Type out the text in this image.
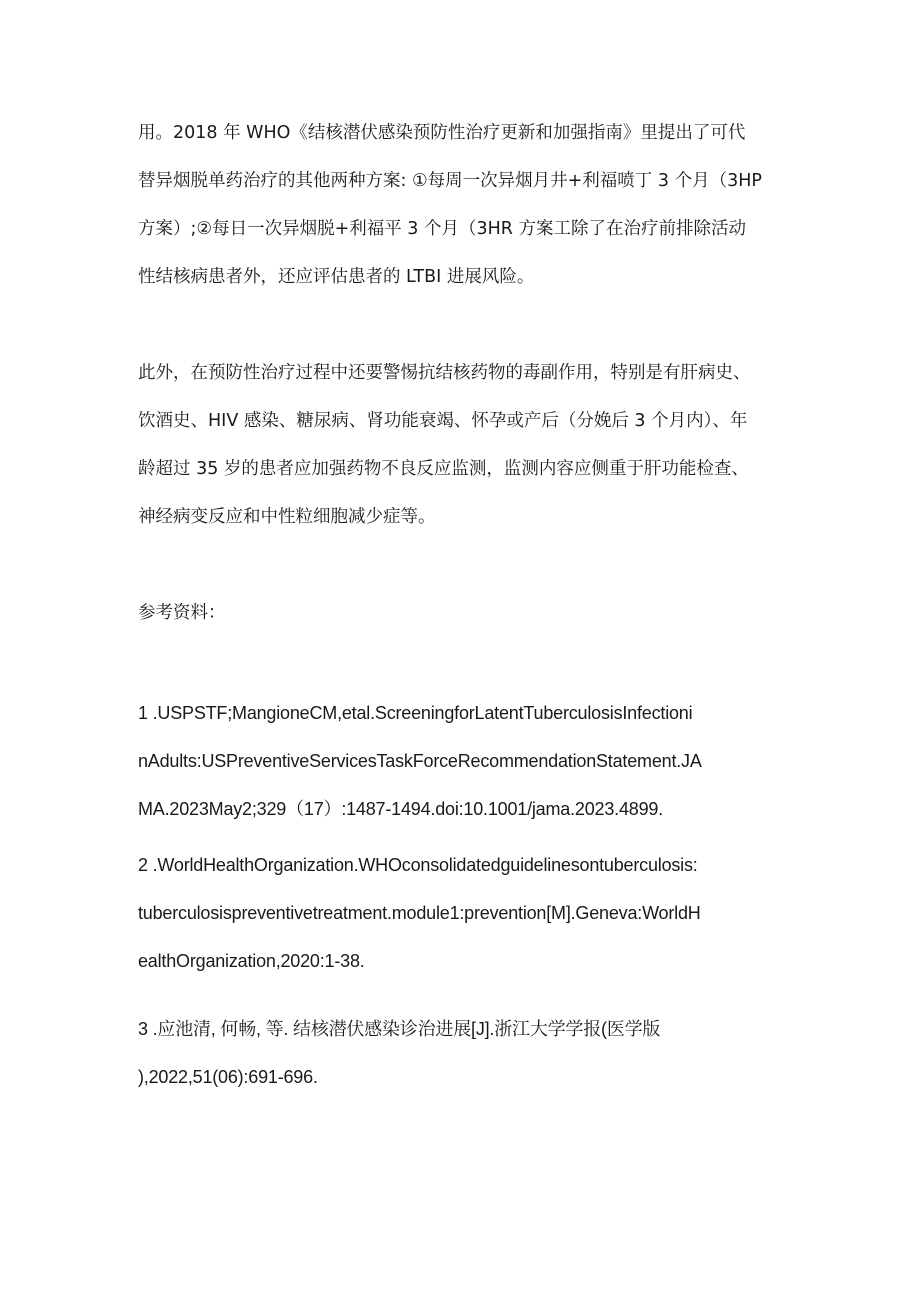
用。2018 年 WHO《结核潜伏感染预防性治疗更新和加强指南》里提出了可代
替异烟脱单药治疗的其他两种方案: ①每周一次异烟月井+利福喷丁 3 个月（3HP
方案）;②每日一次异烟脱+利福平 3 个月（3HR 方案工除了在治疗前排除活动
性结核病患者外，还应评估患者的 LTBI 进展风险。
此外，在预防性治疗过程中还要警惕抗结核药物的毒副作用，特别是有肝病史、
饮酒史、HIV 感染、糖尿病、肾功能衰竭、怀孕或产后（分娩后 3 个月内）、年
龄超过 35 岁的患者应加强药物不良反应监测，监测内容应侧重于肝功能检查、
神经病变反应和中性粒细胞减少症等。
参考资料：
1 .USPSTF;MangioneCM,etal.ScreeningforLatentTuberculosisInfectioni
nAdults:USPreventiveServicesTaskForceRecommendationStatement.JA
MA.2023May2;329（17）:1487-1494.doi:10.1001/jama.2023.4899.
2 .WorldHealthOrganization.WHOconsolidatedguidelinesontuberculosis:
tuberculosispreventivetreatment.module1:prevention[M].Geneva:WorldH
ealthOrganization,2020:1-38.
3 .应池清, 何畅, 等. 结核潜伏感染诊治进展[J].浙江大学学报(医学版
),2022,51(06):691-696.
